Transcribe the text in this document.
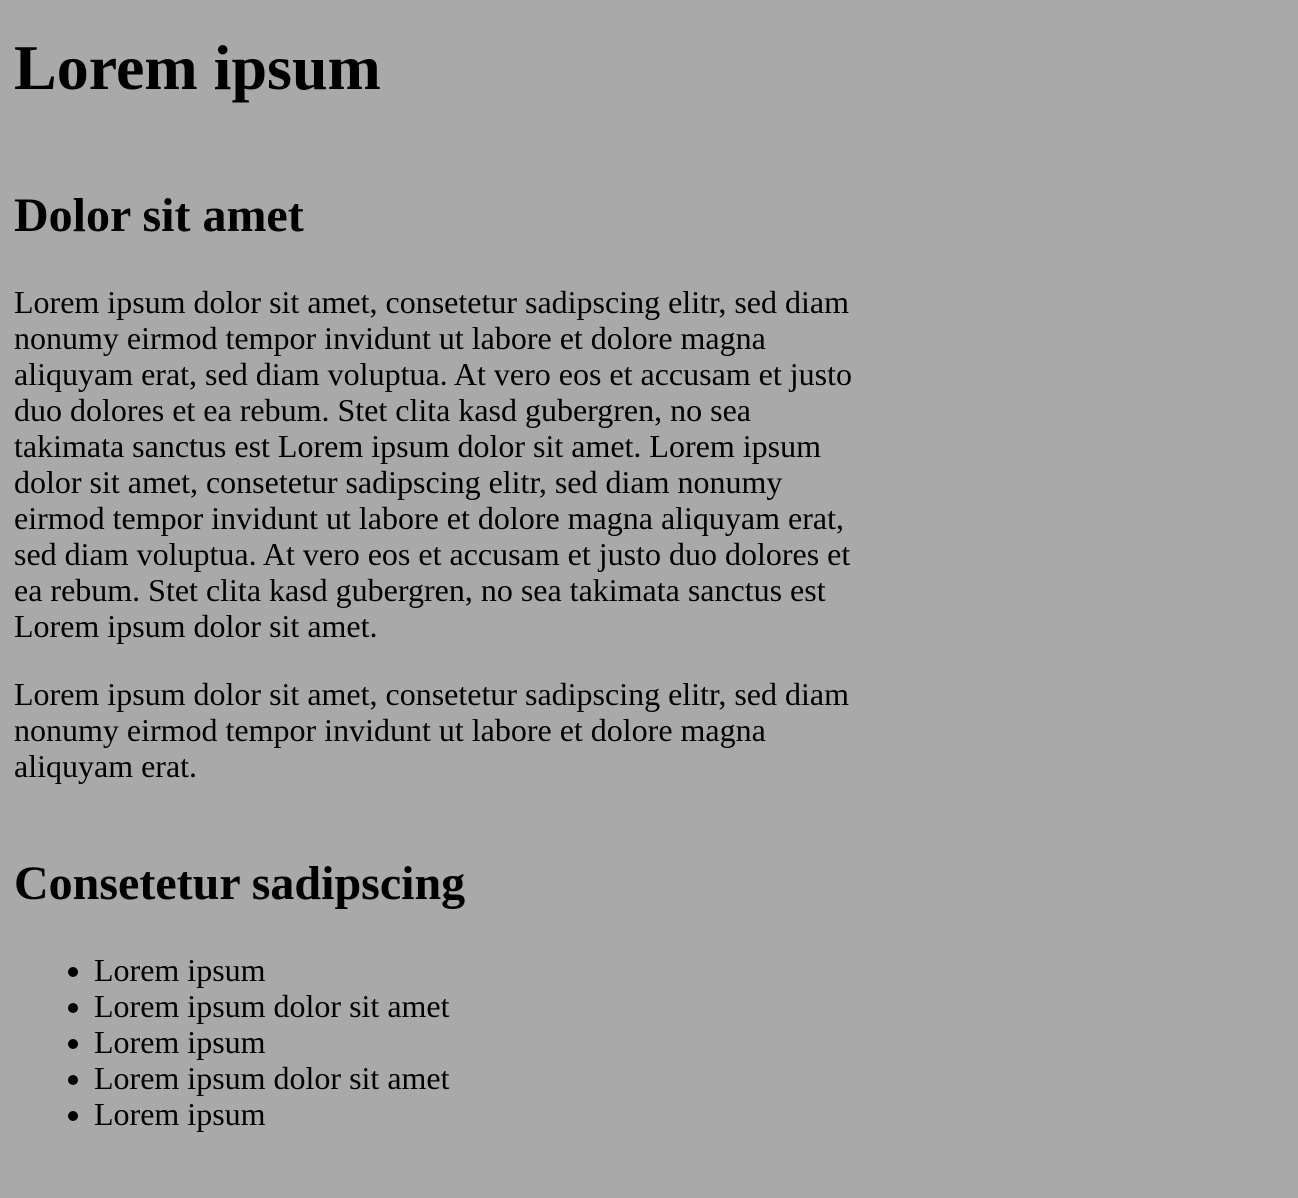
Lorem ipsum
Dolor sit amet

Lorem ipsum dolor sit amet, consetetur sadipscing elitr, sed diam nonumy eirmod tempor invidunt ut labore et dolore magna aliquyam erat, sed diam voluptua. At vero eos et accusam et justo duo dolores et ea rebum. Stet clita kasd gubergren, no sea takimata sanctus est Lorem ipsum dolor sit amet. Lorem ipsum dolor sit amet, consetetur sadipscing elitr, sed diam nonumy eirmod tempor invidunt ut labore et dolore magna aliquyam erat, sed diam voluptua. At vero eos et accusam et justo duo dolores et ea rebum. Stet clita kasd gubergren, no sea takimata sanctus est Lorem ipsum dolor sit amet.

Lorem ipsum dolor sit amet, consetetur sadipscing elitr, sed diam nonumy eirmod tempor invidunt ut labore et dolore magna aliquyam erat.

Consetetur sadipscing
• Lorem ipsum
• Lorem ipsum dolor sit amet
• Lorem ipsum
• Lorem ipsum dolor sit amet
• Lorem ipsum
